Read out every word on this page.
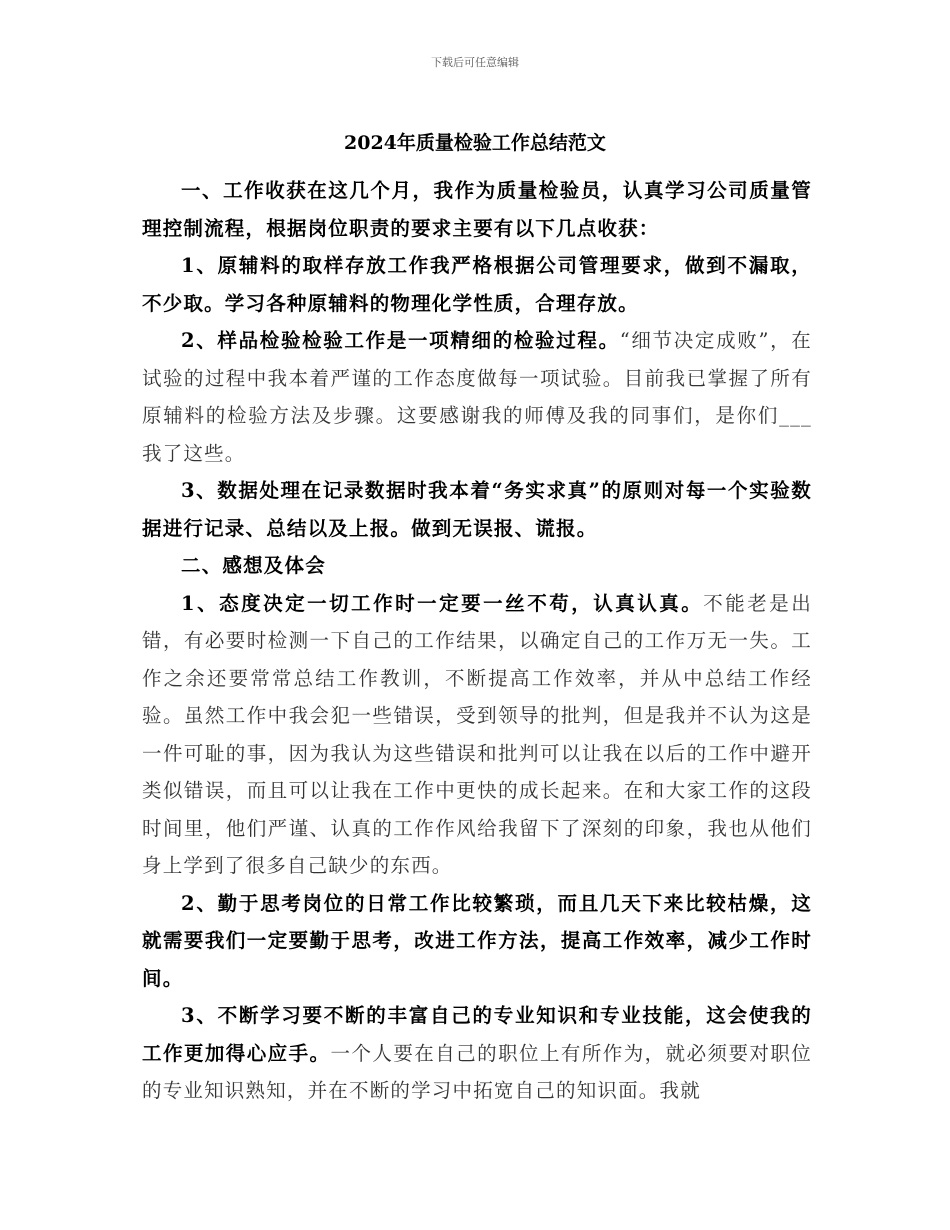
下载后可任意编辑
2024年质量检验工作总结范文

一、工作收获在这几个月，我作为质量检验员，认真学习公司质量管理控制流程，根据岗位职责的要求主要有以下几点收获：

1、原辅料的取样存放工作我严格根据公司管理要求，做到不漏取，不少取。学习各种原辅料的物理化学性质，合理存放。

2、样品检验检验工作是一项精细的检验过程。“细节决定成败”，在试验的过程中我本着严谨的工作态度做每一项试验。目前我已掌握了所有原辅料的检验方法及步骤。这要感谢我的师傅及我的同事们，是你们___我了这些。

3、数据处理在记录数据时我本着“务实求真”的原则对每一个实验数据进行记录、总结以及上报。做到无误报、谎报。

二、感想及体会

1、态度决定一切工作时一定要一丝不苟，认真认真。不能老是出错，有必要时检测一下自己的工作结果，以确定自己的工作万无一失。工作之余还要常常总结工作教训，不断提高工作效率，并从中总结工作经验。虽然工作中我会犯一些错误，受到领导的批判，但是我并不认为这是一件可耻的事，因为我认为这些错误和批判可以让我在以后的工作中避开类似错误，而且可以让我在工作中更快的成长起来。在和大家工作的这段时间里，他们严谨、认真的工作作风给我留下了深刻的印象，我也从他们身上学到了很多自己缺少的东西。

2、勤于思考岗位的日常工作比较繁琐，而且几天下来比较枯燥，这就需要我们一定要勤于思考，改进工作方法，提高工作效率，减少工作时间。

3、不断学习要不断的丰富自己的专业知识和专业技能，这会使我的工作更加得心应手。一个人要在自己的职位上有所作为，就必须要对职位的专业知识熟知，并在不断的学习中拓宽自己的知识面。我就
